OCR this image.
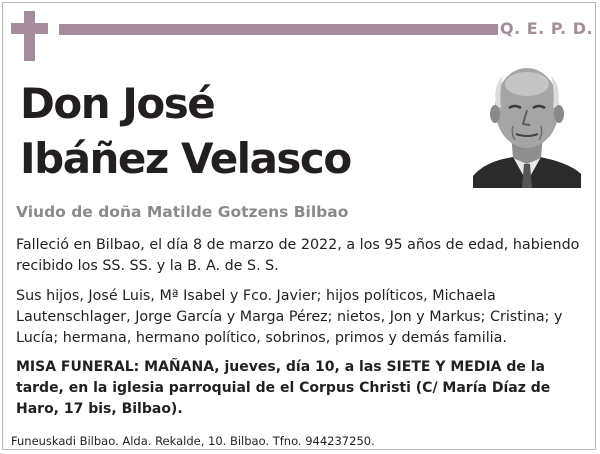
Q. E. P. D.
Don José
Ibáñez Velasco

Viudo de doña Matilde Gotzens Bilbao

Falleció en Bilbao, el día 8 de marzo de 2022, a los 95 años de edad, habiendo recibido los SS. SS. y la B. A. de S. S.

Sus hijos, José Luis, Mª Isabel y Fco. Javier; hijos políticos, Michaela Lautenschlager, Jorge García y Marga Pérez; nietos, Jon y Markus; Cristina; y Lucía; hermana, hermano político, sobrinos, primos y demás familia.

MISA FUNERAL: MAÑANA, jueves, día 10, a las SIETE Y MEDIA de la tarde, en la iglesia parroquial de el Corpus Christi (C/ María Díaz de Haro, 17 bis, Bilbao).

Funeuskadi Bilbao. Alda. Rekalde, 10. Bilbao. Tfno. 944237250.
